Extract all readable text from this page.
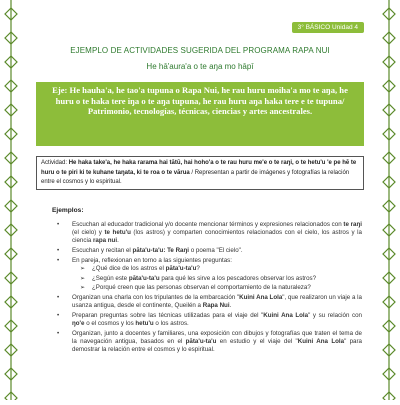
3° BÁSICO Unidad 4
EJEMPLO DE ACTIVIDADES SUGERIDA DEL PROGRAMA RAPA NUI
He hā'aura'a o te aŋa mo hāpī
Eje: He hauha'a, he tao'a tupuna o Rapa Nui, he rau huru moiha'a mo te aŋa, he huru o te haka tere iŋa o te aŋa tupuna, he rau huru aŋa haka tere e te tupuna/ Patrimonio, tecnologías, técnicas, ciencias y artes ancestrales.
Actividad: He haka take'a, he haka rarama hai tātū, hai hoho'a o te rau huru me'e o te raŋi, o te hetu'u 'e pe hē te huru o te piri ki te kuhane taŋata, ki te roa o te vārua / Representan a partir de imágenes y fotografías la relación entre el cosmos y lo espiritual.
Ejemplos:
• Escuchan al educador tradicional y/o docente mencionar términos y expresiones relacionados con te raŋi (el cielo) y te hetu'u (los astros) y comparten conocimientos relacionados con el cielo, los astros y la ciencia rapa nui.
• Escuchan y recitan el pāta'u-ta'u: Te Raŋi o poema "El cielo".
• En pareja, reflexionan en torno a las siguientes preguntas:
➢ ¿Qué dice de los astros el pāta'u-ta'u?
➢ ¿Según este pāta'u-ta'u para qué les sirve a los pescadores observar los astros?
➢ ¿Porqué creen que las personas observan el comportamiento de la naturaleza?
• Organizan una charla con los tripulantes de la embarcación "Kuini Ana Lola", que realizaron un viaje a la usanza antigua, desde el continente, Queilén a Rapa Nui.
• Preparan preguntas sobre las técnicas utilizadas para el viaje del "Kuini Ana Lola" y su relación con ŋo'e o el cosmos y los hetu'u o los astros.
• Organizan, junto a docentes y familiares, una exposición con dibujos y fotografías que traten el tema de la navegación antigua, basados en el pāta'u-ta'u en estudio y el viaje del "Kuini Ana Lola" para demostrar la relación entre el cosmos y lo espiritual.
